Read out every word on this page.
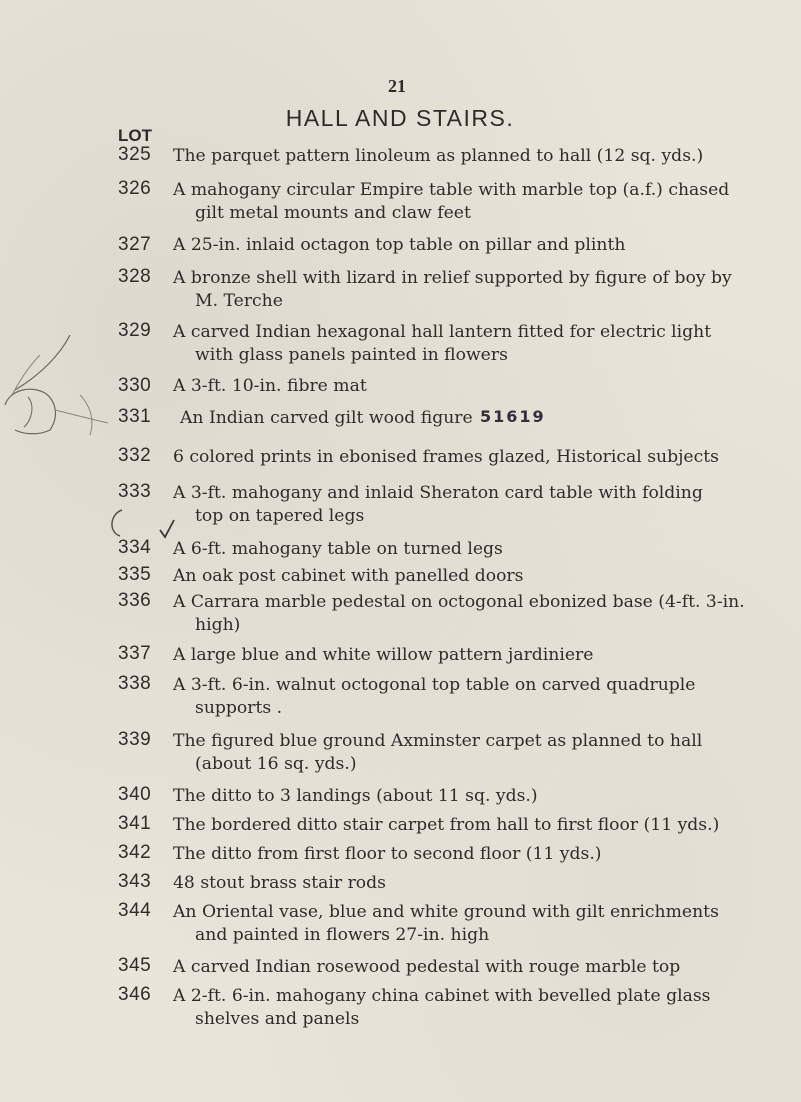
21
HALL AND STAIRS.
LOT
325 The parquet pattern linoleum as planned to hall (12 sq. yds.)
326 A mahogany circular Empire table with marble top (a.f.) chased
gilt metal mounts and claw feet
327 A 25-in. inlaid octagon top table on pillar and plinth
328 A bronze shell with lizard in relief supported by figure of boy by
M. Terche
329 A carved Indian hexagonal hall lantern fitted for electric light
with glass panels painted in flowers
330 A 3-ft. 10-in. fibre mat
331 An Indian carved gilt wood figure
332 6 colored prints in ebonised frames glazed, Historical subjects
333 A 3-ft. mahogany and inlaid Sheraton card table with folding
top on tapered legs
334 A 6-ft. mahogany table on turned legs
335 An oak post cabinet with panelled doors
336 A Carrara marble pedestal on octogonal ebonized base (4-ft. 3-in.
high)
337 A large blue and white willow pattern jardiniere
338 A 3-ft. 6-in. walnut octogonal top table on carved quadruple
supports .
339 The figured blue ground Axminster carpet as planned to hall
(about 16 sq. yds.)
340 The ditto to 3 landings (about 11 sq. yds.)
341 The bordered ditto stair carpet from hall to first floor (11 yds.)
342 The ditto from first floor to second floor (11 yds.)
343 48 stout brass stair rods
344 An Oriental vase, blue and white ground with gilt enrichments
and painted in flowers 27-in. high
345 A carved Indian rosewood pedestal with rouge marble top
346 A 2-ft. 6-in. mahogany china cabinet with bevelled plate glass
shelves and panels
51619
